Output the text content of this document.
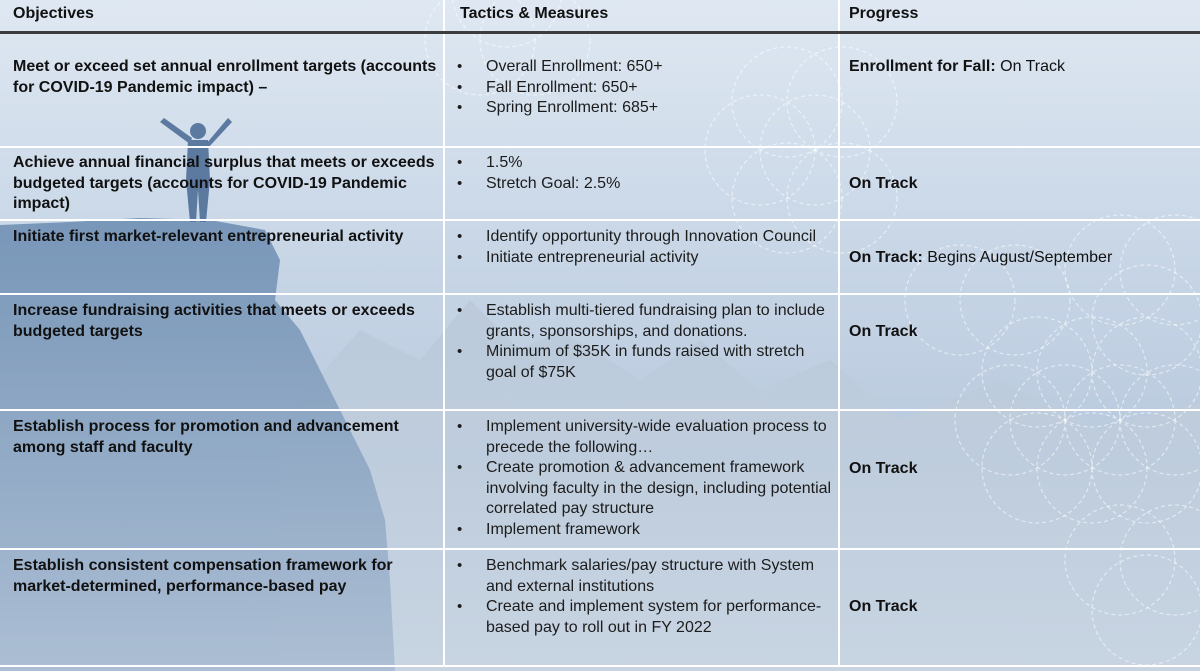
Objectives	Tactics & Measures	Progress
Meet or exceed set annual enrollment targets (accounts for COVID-19 Pandemic impact) –
• Overall Enrollment: 650+
• Fall Enrollment: 650+
• Spring Enrollment: 685+
Enrollment for Fall: On Track
Achieve annual financial surplus that meets or exceeds budgeted targets (accounts for COVID-19 Pandemic impact)
• 1.5%
• Stretch Goal: 2.5%	On Track
Initiate first market-relevant entrepreneurial activity
•	Identify opportunity through Innovation Council
• Initiate entrepreneurial activity	On Track: Begins August/September
Increase fundraising activities that meets or exceeds budgeted targets
• Establish multi-tiered fundraising plan to include grants, sponsorships, and donations.
• Minimum of $35K in funds raised with stretch goal of $75K
On Track
Establish process for promotion and advancement among staff and faculty
• Implement university-wide evaluation process to precede the following…
• Create promotion & advancement framework involving faculty in the design, including potential correlated pay structure
• Implement framework
On Track
Establish consistent compensation framework for market-determined, performance-based pay
• Benchmark salaries/pay structure with System and external institutions
• Create and implement system for performance-based pay to roll out in FY 2022
On Track
